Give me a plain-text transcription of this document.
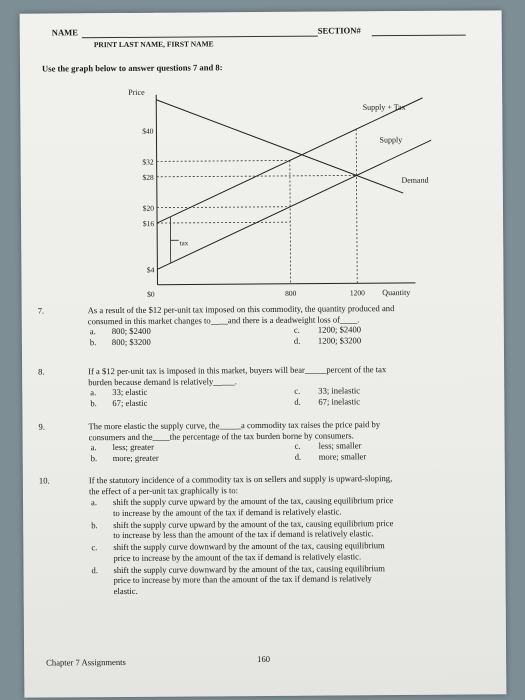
NAME	SECTION#
PRINT LAST NAME, FIRST NAME
Use the graph below to answer questions 7 and 8:
Price
$40
$32
$28
$20
$16
$4
$0	800	1200 Quantity
Supply + Tax
Supply
Demand
tax
7.	As a result of the $12 per-unit tax imposed on this commodity, the quantity produced and
consumed in this market changes to____and there is a deadweight loss of____.
a. 800; $2400	c. 1200; $2400
b. 800; $3200	d. 1200; $3200
8.	If a $12 per-unit tax is imposed in this market, buyers will bear_____percent of the tax
burden because demand is relatively_____.
a. 33; elastic	c. 33; inelastic
b. 67; elastic	d. 67; inelastic
9.	The more elastic the supply curve, the_____a commodity tax raises the price paid by
consumers and the____the percentage of the tax burden borne by consumers.
a. less; greater	c. less; smaller
b. more; greater	d. more; smaller
10.	If the statutory incidence of a commodity tax is on sellers and supply is upward-sloping,
the effect of a per-unit tax graphically is to:
a. shift the supply curve upward by the amount of the tax, causing equilibrium price
to increase by the amount of the tax if demand is relatively elastic.
b. shift the supply curve upward by the amount of the tax, causing equilibrium price
to increase by less than the amount of the tax if demand is relatively elastic.
c. shift the supply curve downward by the amount of the tax, causing equilibrium
price to increase by the amount of the tax if demand is relatively elastic.
d. shift the supply curve downward by the amount of the tax, causing equilibrium
price to increase by more than the amount of the tax if demand is relatively
elastic.
Chapter 7 Assignments	160
